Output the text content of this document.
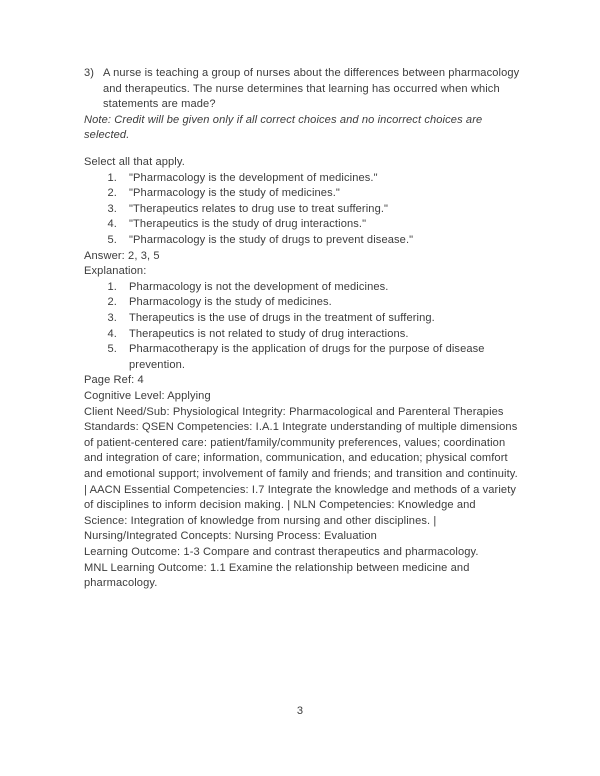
3) A nurse is teaching a group of nurses about the differences between pharmacology and therapeutics. The nurse determines that learning has occurred when which statements are made?

Note: Credit will be given only if all correct choices and no incorrect choices are selected.

Select all that apply.

1. "Pharmacology is the development of medicines."
2. "Pharmacology is the study of medicines."
3. "Therapeutics relates to drug use to treat suffering."
4. "Therapeutics is the study of drug interactions."
5. "Pharmacology is the study of drugs to prevent disease."

Answer: 2, 3, 5

Explanation:

1. Pharmacology is not the development of medicines.
2. Pharmacology is the study of medicines.
3. Therapeutics is the use of drugs in the treatment of suffering.
4. Therapeutics is not related to study of drug interactions.
5. Pharmacotherapy is the application of drugs for the purpose of disease prevention.

Page Ref: 4

Cognitive Level: Applying

Client Need/Sub: Physiological Integrity: Pharmacological and Parenteral Therapies

Standards: QSEN Competencies: I.A.1 Integrate understanding of multiple dimensions of patient-centered care: patient/family/community preferences, values; coordination and integration of care; information, communication, and education; physical comfort and emotional support; involvement of family and friends; and transition and continuity. | AACN Essential Competencies: I.7 Integrate the knowledge and methods of a variety of disciplines to inform decision making. | NLN Competencies: Knowledge and Science: Integration of knowledge from nursing and other disciplines. | Nursing/Integrated Concepts: Nursing Process: Evaluation

Learning Outcome: 1-3 Compare and contrast therapeutics and pharmacology.

MNL Learning Outcome: 1.1 Examine the relationship between medicine and pharmacology.

3
